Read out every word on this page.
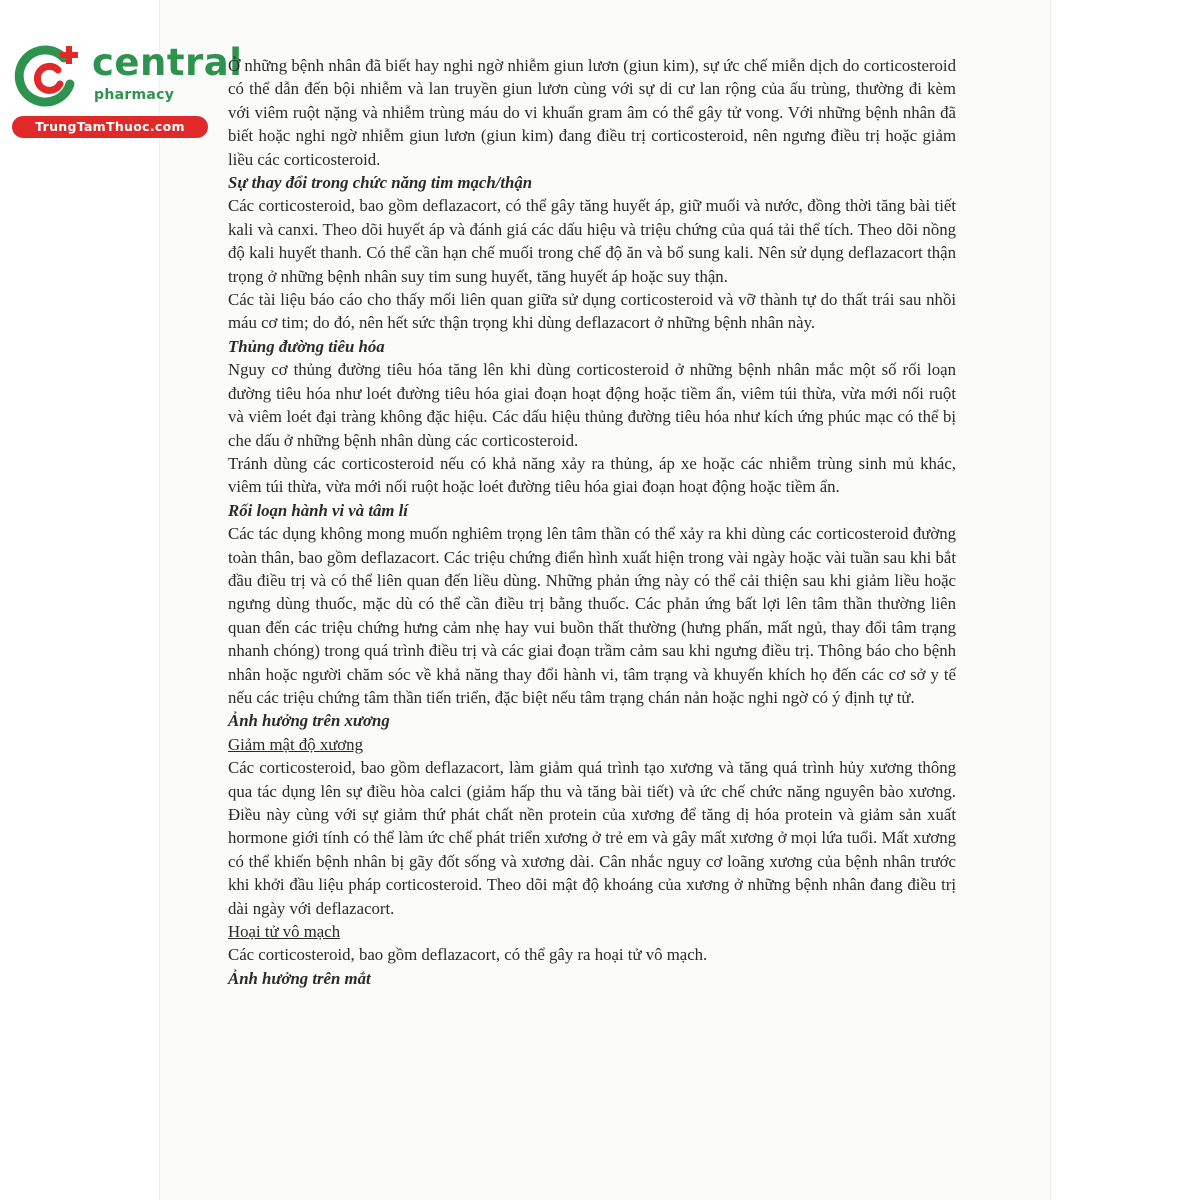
central
pharmacy
TrungTamThuoc.com

Ở những bệnh nhân đã biết hay nghi ngờ nhiễm giun lươn (giun kim), sự ức chế miễn dịch do corticosteroid có thể dẫn đến bội nhiễm và lan truyền giun lươn cùng với sự di cư lan rộng của ấu trùng, thường đi kèm với viêm ruột nặng và nhiễm trùng máu do vi khuẩn gram âm có thể gây tử vong. Với những bệnh nhân đã biết hoặc nghi ngờ nhiễm giun lươn (giun kim) đang điều trị corticosteroid, nên ngưng điều trị hoặc giảm liều các corticosteroid.

Sự thay đổi trong chức năng tim mạch/thận

Các corticosteroid, bao gồm deflazacort, có thể gây tăng huyết áp, giữ muối và nước, đồng thời tăng bài tiết kali và canxi. Theo dõi huyết áp và đánh giá các dấu hiệu và triệu chứng của quá tải thể tích. Theo dõi nồng độ kali huyết thanh. Có thể cần hạn chế muối trong chế độ ăn và bổ sung kali. Nên sử dụng deflazacort thận trọng ở những bệnh nhân suy tim sung huyết, tăng huyết áp hoặc suy thận.

Các tài liệu báo cáo cho thấy mối liên quan giữa sử dụng corticosteroid và vỡ thành tự do thất trái sau nhồi máu cơ tim; do đó, nên hết sức thận trọng khi dùng deflazacort ở những bệnh nhân này.

Thủng đường tiêu hóa

Nguy cơ thủng đường tiêu hóa tăng lên khi dùng corticosteroid ở những bệnh nhân mắc một số rối loạn đường tiêu hóa như loét đường tiêu hóa giai đoạn hoạt động hoặc tiềm ẩn, viêm túi thừa, vừa mới nối ruột và viêm loét đại tràng không đặc hiệu. Các dấu hiệu thủng đường tiêu hóa như kích ứng phúc mạc có thể bị che dấu ở những bệnh nhân dùng các corticosteroid.

Tránh dùng các corticosteroid nếu có khả năng xảy ra thủng, áp xe hoặc các nhiễm trùng sinh mủ khác, viêm túi thừa, vừa mới nối ruột hoặc loét đường tiêu hóa giai đoạn hoạt động hoặc tiềm ẩn.

Rối loạn hành vi và tâm lí

Các tác dụng không mong muốn nghiêm trọng lên tâm thần có thể xảy ra khi dùng các corticosteroid đường toàn thân, bao gồm deflazacort. Các triệu chứng điển hình xuất hiện trong vài ngày hoặc vài tuần sau khi bắt đầu điều trị và có thể liên quan đến liều dùng. Những phản ứng này có thể cải thiện sau khi giảm liều hoặc ngưng dùng thuốc, mặc dù có thể cần điều trị bằng thuốc. Các phản ứng bất lợi lên tâm thần thường liên quan đến các triệu chứng hưng cảm nhẹ hay vui buồn thất thường (hưng phấn, mất ngủ, thay đổi tâm trạng nhanh chóng) trong quá trình điều trị và các giai đoạn trầm cảm sau khi ngưng điều trị. Thông báo cho bệnh nhân hoặc người chăm sóc về khả năng thay đổi hành vi, tâm trạng và khuyến khích họ đến các cơ sở y tế nếu các triệu chứng tâm thần tiến triển, đặc biệt nếu tâm trạng chán nản hoặc nghi ngờ có ý định tự tử.

Ảnh hưởng trên xương

Giảm mật độ xương

Các corticosteroid, bao gồm deflazacort, làm giảm quá trình tạo xương và tăng quá trình hủy xương thông qua tác dụng lên sự điều hòa calci (giảm hấp thu và tăng bài tiết) và ức chế chức năng nguyên bào xương. Điều này cùng với sự giảm thứ phát chất nền protein của xương để tăng dị hóa protein và giảm sản xuất hormone giới tính có thể làm ức chế phát triển xương ở trẻ em và gây mất xương ở mọi lứa tuổi. Mất xương có thể khiến bệnh nhân bị gãy đốt sống và xương dài. Cân nhắc nguy cơ loãng xương của bệnh nhân trước khi khởi đầu liệu pháp corticosteroid. Theo dõi mật độ khoáng của xương ở những bệnh nhân đang điều trị dài ngày với deflazacort.

Hoại tử vô mạch

Các corticosteroid, bao gồm deflazacort, có thể gây ra hoại tử vô mạch.

Ảnh hưởng trên mắt
